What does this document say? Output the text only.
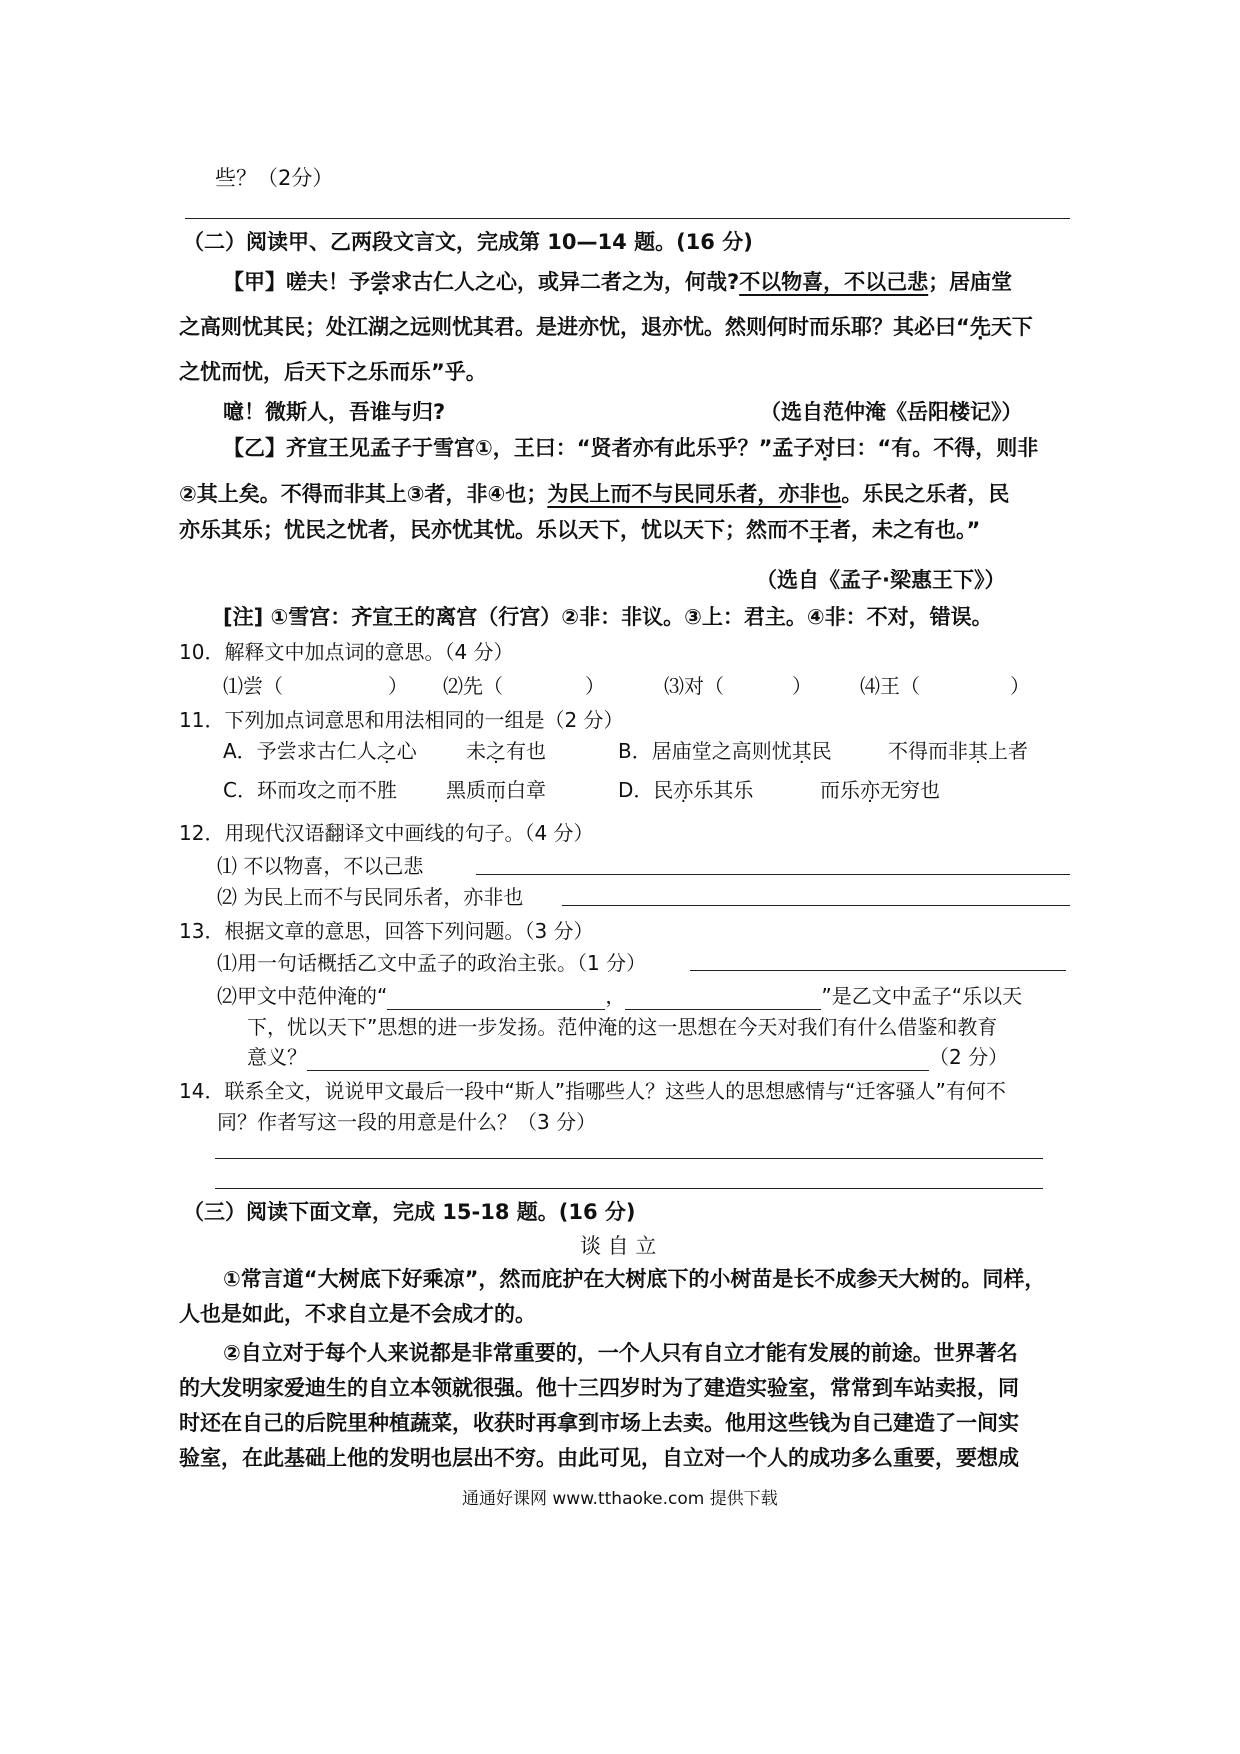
些？（2分）
（二）阅读甲、乙两段文言文，完成第 10—14 题。(16 分)
【甲】嗟夫！予尝求古仁人之心，或异二者之为，何哉?不以物喜，不以己悲；居庙堂
之高则忧其民；处江湖之远则忧其君。是进亦忧，退亦忧。然则何时而乐耶？其必曰“先天下
之忧而忧，后天下之乐而乐”乎。
噫！微斯人，吾谁与归?	（选自范仲淹《岳阳楼记》）
【乙】齐宣王见孟子于雪宫①，王曰：“贤者亦有此乐乎？”孟子对曰：“有。不得，则非
②其上矣。不得而非其上③者，非④也；为民上而不与民同乐者，亦非也。乐民之乐者，民
亦乐其乐；忧民之忧者，民亦忧其忧。乐以天下，忧以天下；然而不王者，未之有也。”
（选自《孟子·梁惠王下》）
[注] ①雪宫：齐宣王的离宫（行宫）②非：非议。③上：君主。④非：不对，错误。
10．解释文中加点词的意思。（4 分）
⑴尝（	） ⑵先（	）	⑶对（	） ⑷王（	）
11．下列加点词意思和用法相同的一组是（2 分）
A．予尝求古仁人之心 未之有也	B．居庙堂之高则忧其民	不得而非其上者
C．环而攻之而不胜 黑质而白章	D．民亦乐其乐	而乐亦无穷也
12．用现代汉语翻译文中画线的句子。（4 分）
⑴ 不以物喜，不以己悲
⑵ 为民上而不与民同乐者，亦非也
13．根据文章的意思，回答下列问题。（3 分）
⑴用一句话概括乙文中孟子的政治主张。（1 分）
⑵甲文中范仲淹的“	，	”是乙文中孟子“乐以天
下，忧以天下”思想的进一步发扬。范仲淹的这一思想在今天对我们有什么借鉴和教育
意义？	（2 分）
14．联系全文，说说甲文最后一段中“斯人”指哪些人？这些人的思想感情与“迁客骚人”有何不
同？作者写这一段的用意是什么？（3 分）
（三）阅读下面文章，完成 15-18 题。(16 分)
谈 自 立
①常言道“大树底下好乘凉”，然而庇护在大树底下的小树苗是长不成参天大树的。同样，
人也是如此，不求自立是不会成才的。
②自立对于每个人来说都是非常重要的，一个人只有自立才能有发展的前途。世界著名
的大发明家爱迪生的自立本领就很强。他十三四岁时为了建造实验室，常常到车站卖报，同
时还在自己的后院里种植蔬菜，收获时再拿到市场上去卖。他用这些钱为自己建造了一间实
验室，在此基础上他的发明也层出不穷。由此可见，自立对一个人的成功多么重要，要想成
通通好课网 www.tthaoke.com 提供下载
